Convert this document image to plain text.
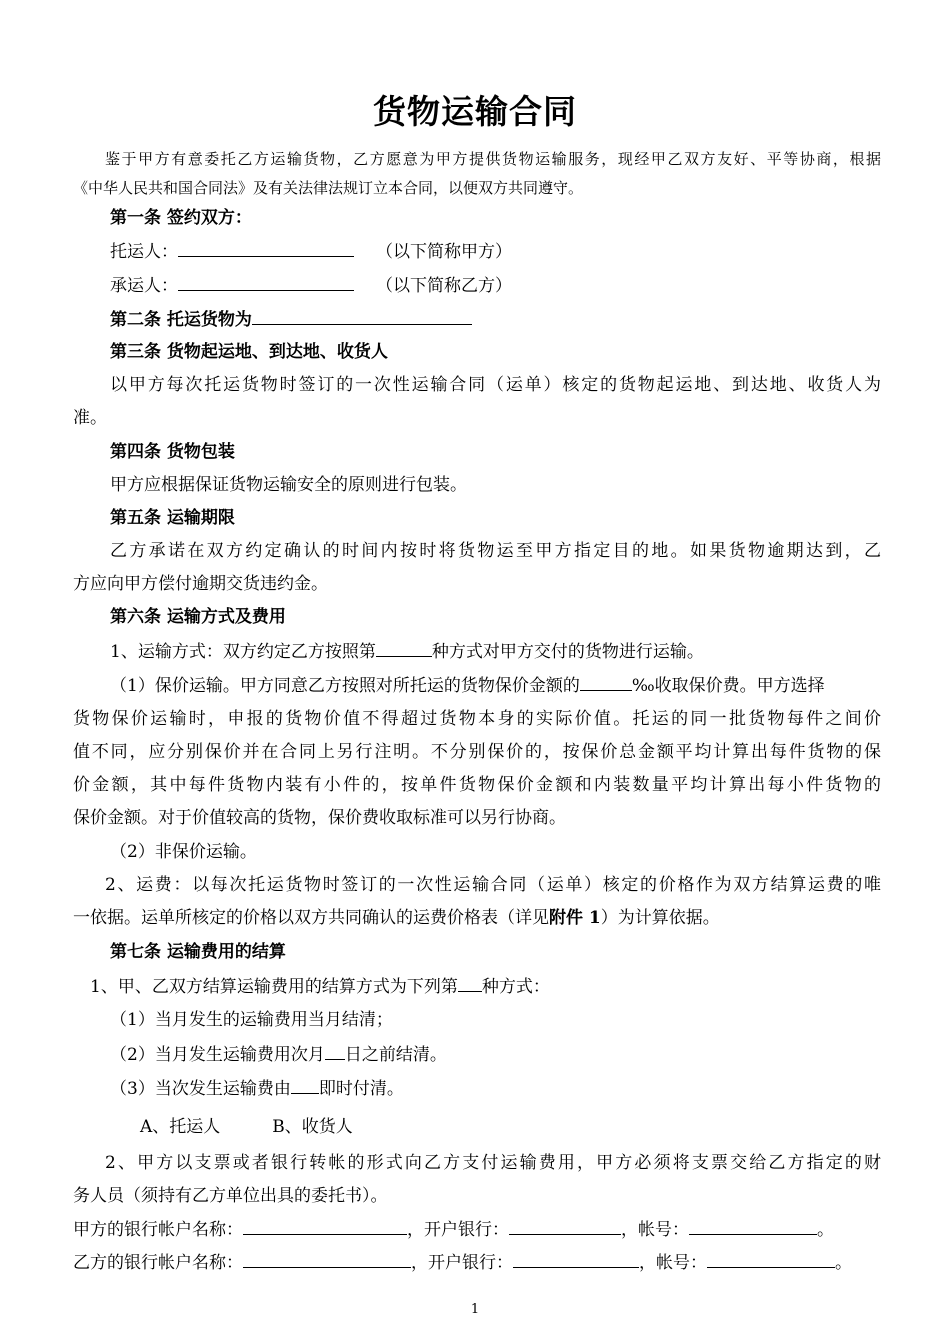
货物运输合同
鉴于甲方有意委托乙方运输货物，乙方愿意为甲方提供货物运输服务，现经甲乙双方友好、平等协商，根据
《中华人民共和国合同法》及有关法律法规订立本合同，以便双方共同遵守。
第一条 签约双方：
托运人：	（以下简称甲方）
承运人：	（以下简称乙方）
第二条 托运货物为
第三条 货物起运地、到达地、收货人
以甲方每次托运货物时签订的一次性运输合同（运单）核定的货物起运地、到达地、收货人为
准。
第四条 货物包装
甲方应根据保证货物运输安全的原则进行包装。
第五条 运输期限
乙方承诺在双方约定确认的时间内按时将货物运至甲方指定目的地。如果货物逾期达到，乙
方应向甲方偿付逾期交货违约金。
第六条 运输方式及费用
1、运输方式：双方约定乙方按照第	种方式对甲方交付的货物进行运输。
（1）保价运输。甲方同意乙方按照对所托运的货物保价金额的	‰收取保价费。甲方选择
货物保价运输时，申报的货物价值不得超过货物本身的实际价值。托运的同一批货物每件之间价
值不同，应分别保价并在合同上另行注明。不分别保价的，按保价总金额平均计算出每件货物的保
价金额，其中每件货物内装有小件的，按单件货物保价金额和内装数量平均计算出每小件货物的
保价金额。对于价值较高的货物，保价费收取标准可以另行协商。
（2）非保价运输。
2、运费：以每次托运货物时签订的一次性运输合同（运单）核定的价格作为双方结算运费的唯
一依据。运单所核定的价格以双方共同确认的运费价格表（详见附件 1）为计算依据。
第七条 运输费用的结算
1、甲、乙双方结算运输费用的结算方式为下列第 种方式：
（1）当月发生的运输费用当月结清；
（2）当月发生运输费用次月 日之前结清。
（3）当次发生运输费由 即时付清。
A、托运人	B、收货人
2、甲方以支票或者银行转帐的形式向乙方支付运输费用，甲方必须将支票交给乙方指定的财
务人员（须持有乙方单位出具的委托书）。
甲方的银行帐户名称：	，开户银行：	，帐号：	。
乙方的银行帐户名称：	，开户银行：	，帐号：	。
1
